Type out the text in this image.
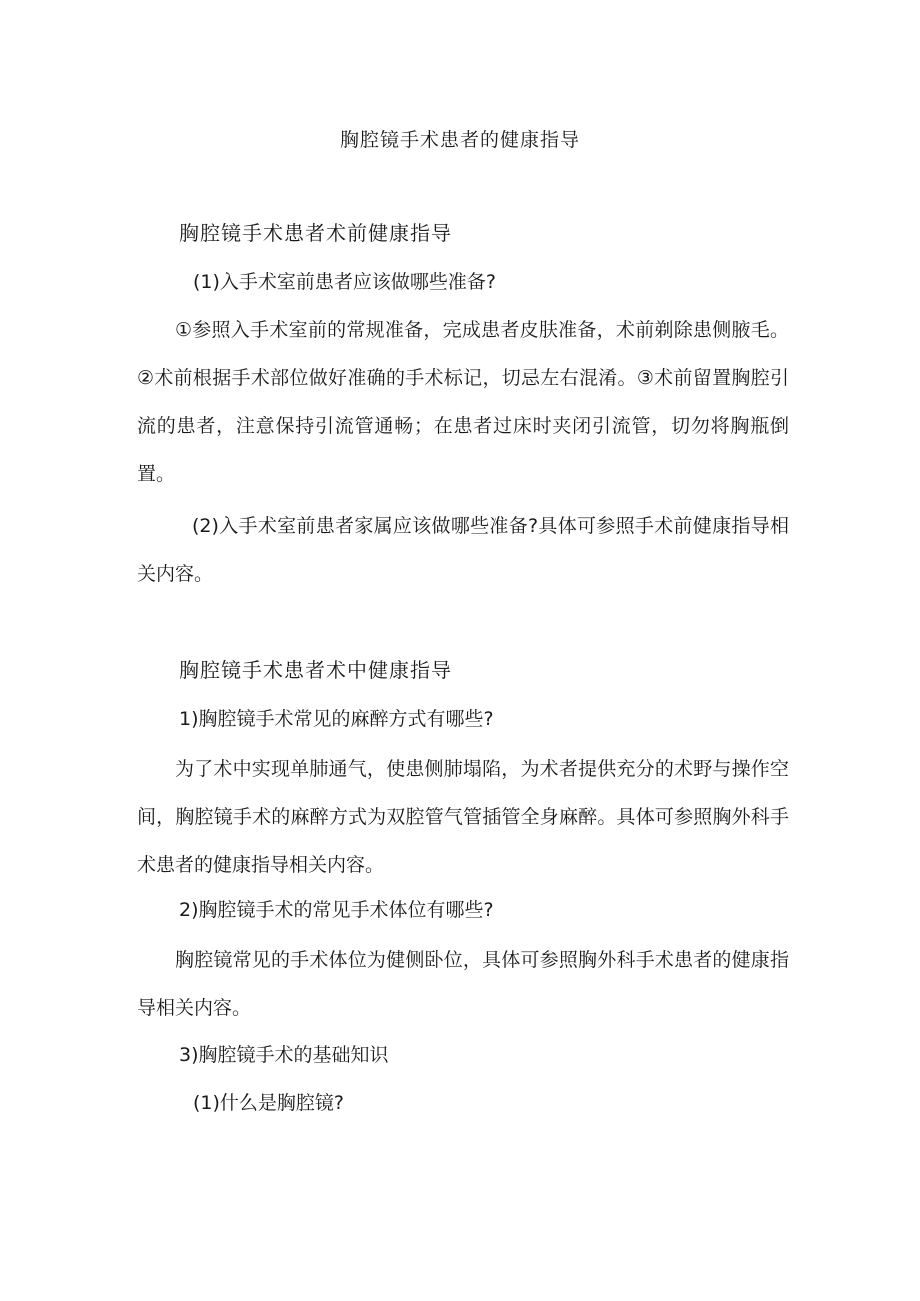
胸腔镜手术患者的健康指导
胸腔镜手术患者术前健康指导

(1)入手术室前患者应该做哪些准备?

①参照入手术室前的常规准备，完成患者皮肤准备，术前剃除患侧腋毛。②术前根据手术部位做好准确的手术标记，切忌左右混淆。③术前留置胸腔引流的患者，注意保持引流管通畅；在患者过床时夹闭引流管，切勿将胸瓶倒置。

(2)入手术室前患者家属应该做哪些准备?具体可参照手术前健康指导相关内容。

胸腔镜手术患者术中健康指导

1)胸腔镜手术常见的麻醉方式有哪些?

为了术中实现单肺通气，使患侧肺塌陷，为术者提供充分的术野与操作空间，胸腔镜手术的麻醉方式为双腔管气管插管全身麻醉。具体可参照胸外科手术患者的健康指导相关内容。

2)胸腔镜手术的常见手术体位有哪些?

胸腔镜常见的手术体位为健侧卧位，具体可参照胸外科手术患者的健康指导相关内容。

3)胸腔镜手术的基础知识

(1)什么是胸腔镜?
